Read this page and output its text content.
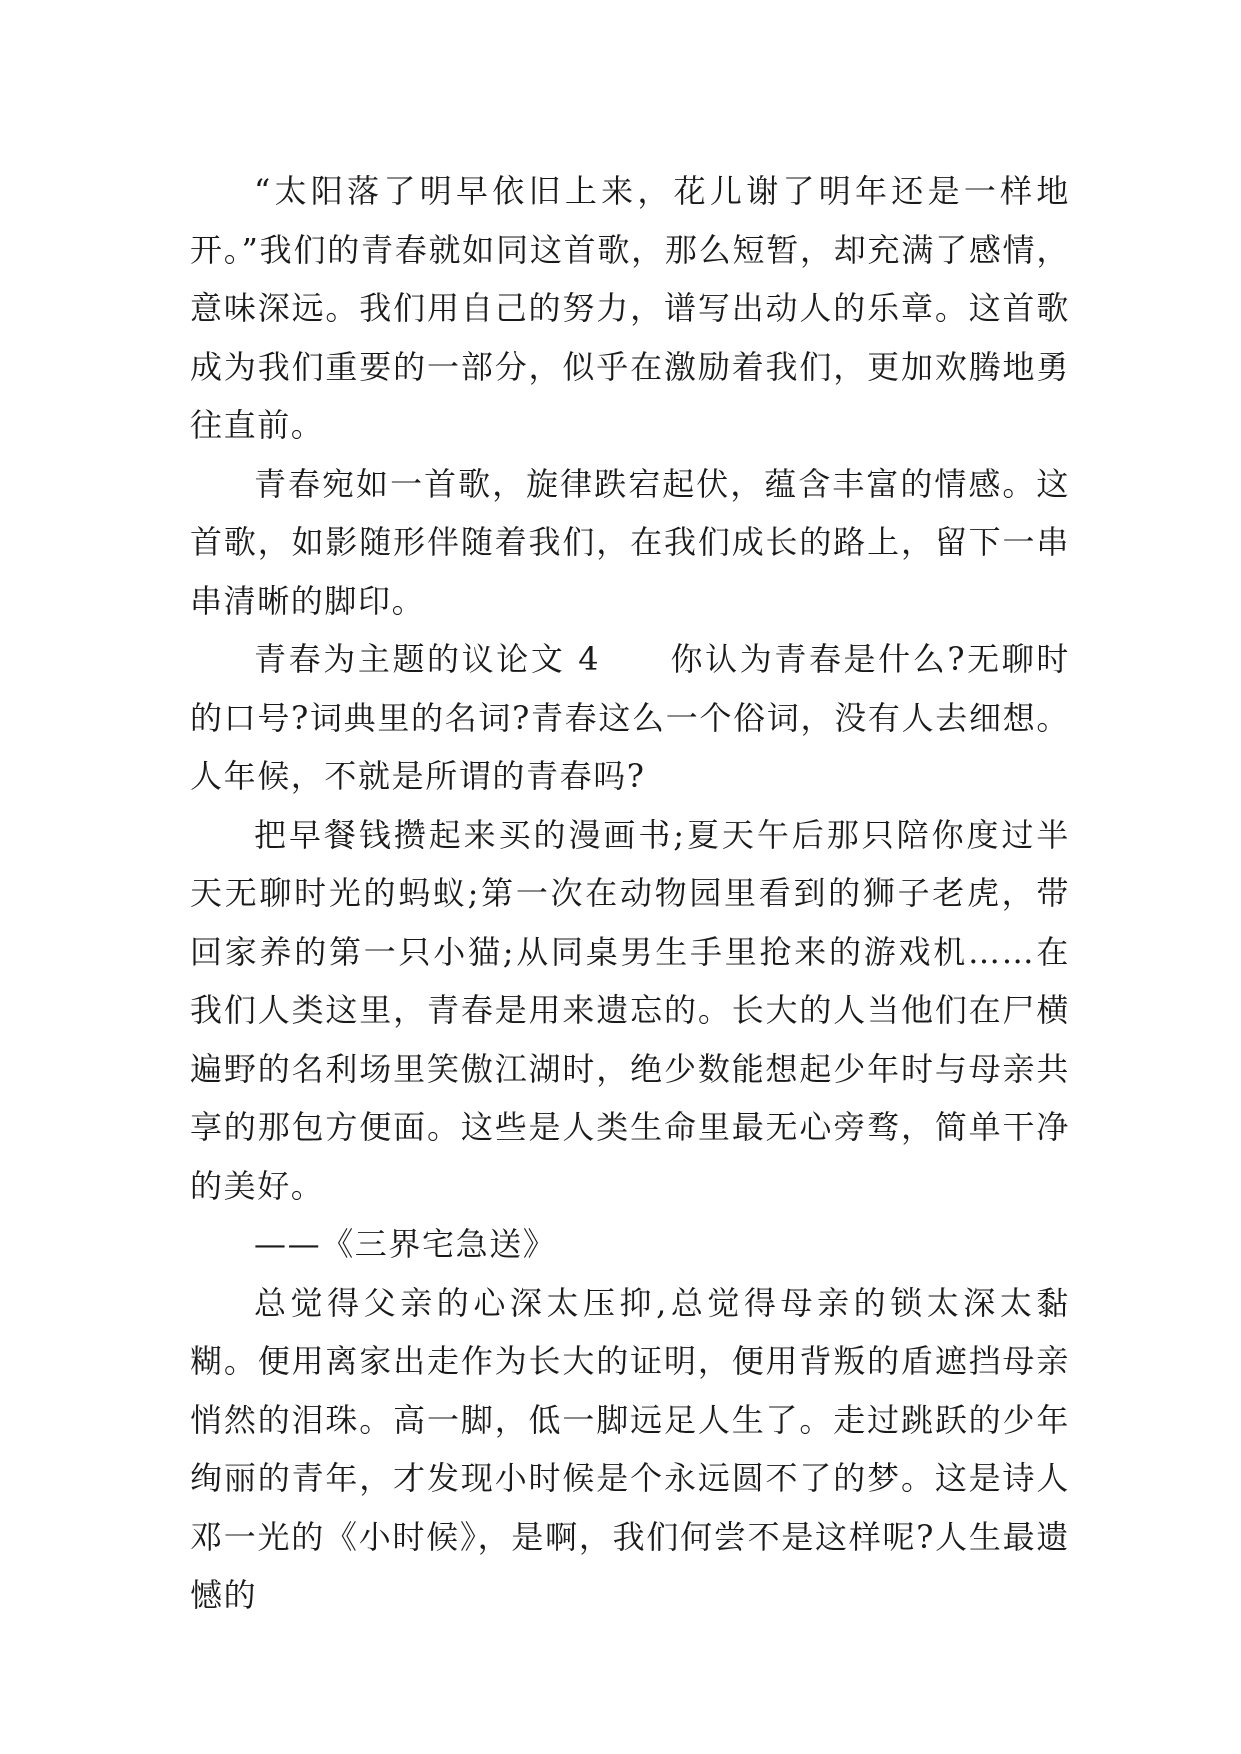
“太阳落了明早依旧上来，花儿谢了明年还是一样地开。”我们的青春就如同这首歌，那么短暂，却充满了感情，意味深远。我们用自己的努力，谱写出动人的乐章。这首歌成为我们重要的一部分，似乎在激励着我们，更加欢腾地勇往直前。

青春宛如一首歌，旋律跌宕起伏，蕴含丰富的情感。这首歌，如影随形伴随着我们，在我们成长的路上，留下一串串清晰的脚印。

青春为主题的议论文 4　　你认为青春是什么?无聊时的口号?词典里的名词?青春这么一个俗词，没有人去细想。人年候，不就是所谓的青春吗?

把早餐钱攒起来买的漫画书;夏天午后那只陪你度过半天无聊时光的蚂蚁;第一次在动物园里看到的狮子老虎，带回家养的第一只小猫;从同桌男生手里抢来的游戏机……在我们人类这里，青春是用来遗忘的。长大的人当他们在尸横遍野的名利场里笑傲江湖时，绝少数能想起少年时与母亲共享的那包方便面。这些是人类生命里最无心旁骛，简单干净的美好。

——《三界宅急送》

总觉得父亲的心深太压抑,总觉得母亲的锁太深太黏糊。便用离家出走作为长大的证明，便用背叛的盾遮挡母亲悄然的泪珠。高一脚，低一脚远足人生了。走过跳跃的少年绚丽的青年，才发现小时候是个永远圆不了的梦。这是诗人邓一光的《小时候》，是啊，我们何尝不是这样呢?人生最遗憾的
